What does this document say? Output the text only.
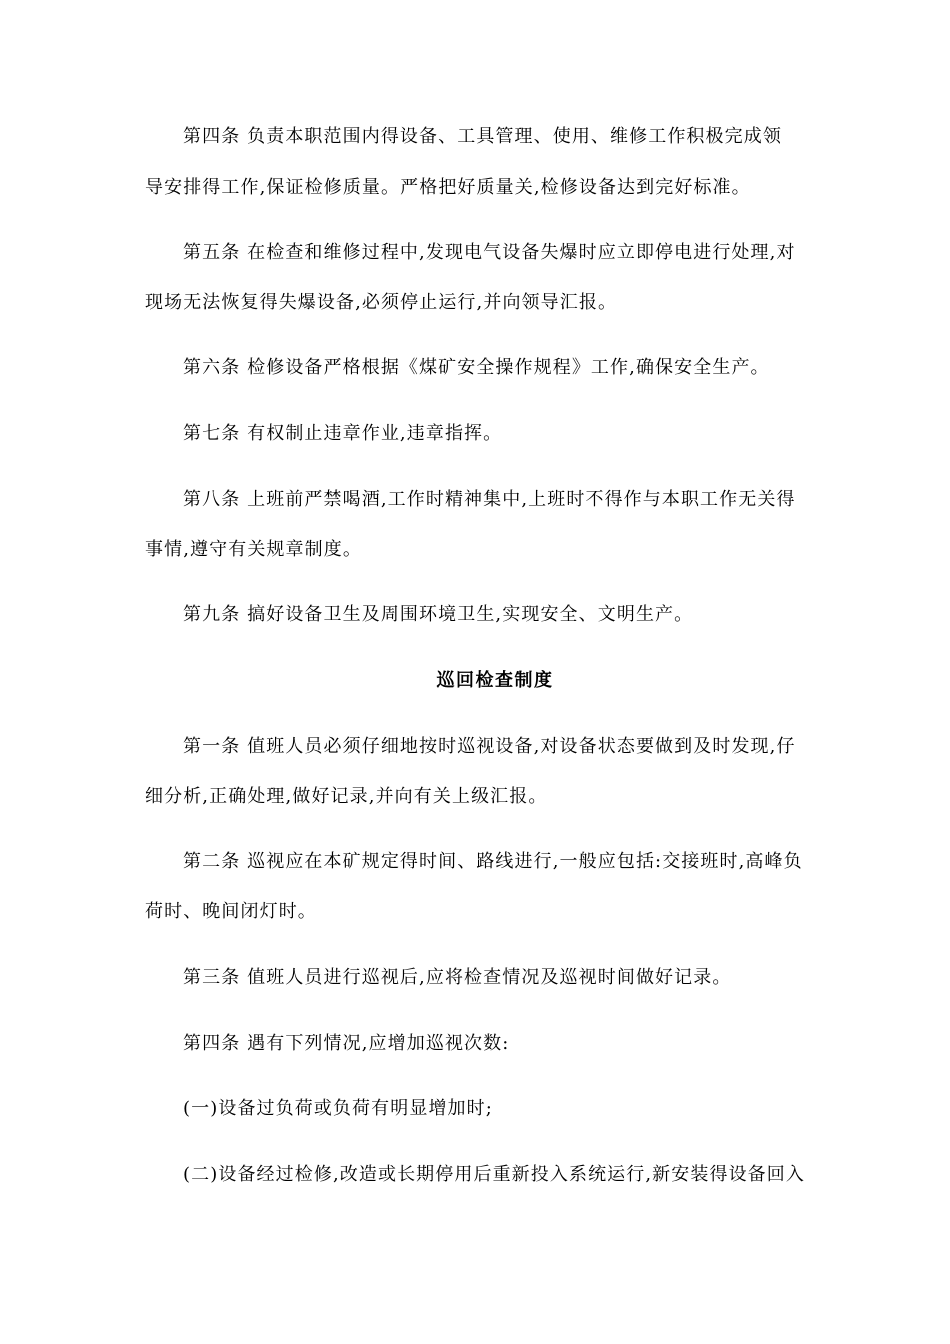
第四条 负责本职范围内得设备、工具管理、使用、维修工作积极完成领
导安排得工作,保证检修质量。严格把好质量关,检修设备达到完好标准。
第五条 在检查和维修过程中,发现电气设备失爆时应立即停电进行处理,对
现场无法恢复得失爆设备,必须停止运行,并向领导汇报。
第六条 检修设备严格根据《煤矿安全操作规程》工作,确保安全生产。
第七条 有权制止违章作业,违章指挥。
第八条 上班前严禁喝酒,工作时精神集中,上班时不得作与本职工作无关得
事情,遵守有关规章制度。
第九条 搞好设备卫生及周围环境卫生,实现安全、文明生产。
巡回检查制度
第一条 值班人员必须仔细地按时巡视设备,对设备状态要做到及时发现,仔
细分析,正确处理,做好记录,并向有关上级汇报。
第二条 巡视应在本矿规定得时间、路线进行,一般应包括:交接班时,高峰负
荷时、晚间闭灯时。
第三条 值班人员进行巡视后,应将检查情况及巡视时间做好记录。
第四条 遇有下列情况,应增加巡视次数:
(一)设备过负荷或负荷有明显增加时;
(二)设备经过检修,改造或长期停用后重新投入系统运行,新安装得设备回入
